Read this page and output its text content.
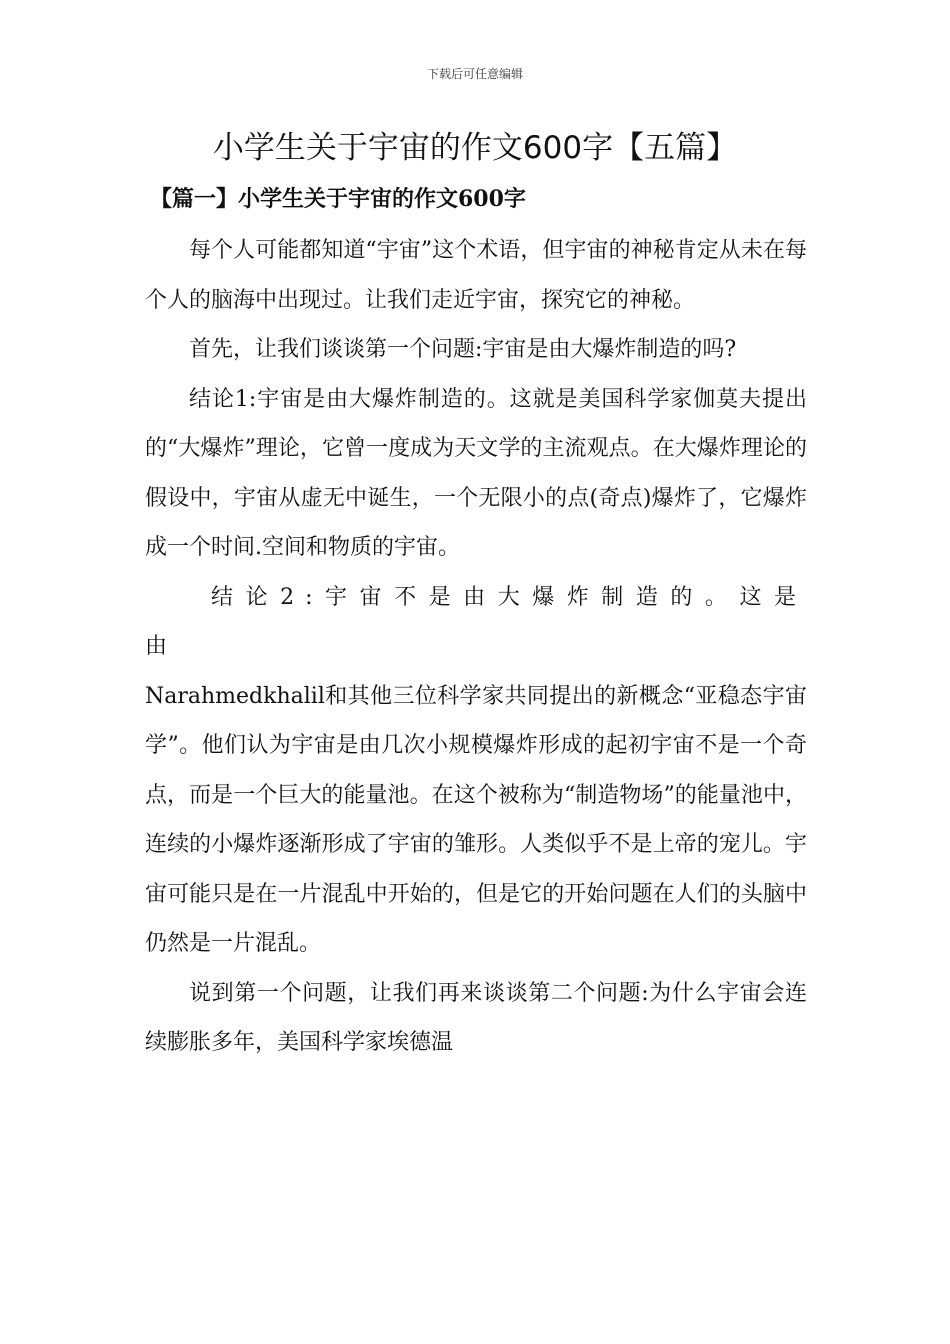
下载后可任意编辑
小学生关于宇宙的作文600字【五篇】
【篇一】小学生关于宇宙的作文600字

每个人可能都知道“宇宙”这个术语，但宇宙的神秘肯定从未在每个人的脑海中出现过。让我们走近宇宙，探究它的神秘。

首先，让我们谈谈第一个问题:宇宙是由大爆炸制造的吗?

结论1:宇宙是由大爆炸制造的。这就是美国科学家伽莫夫提出的“大爆炸”理论，它曾一度成为天文学的主流观点。在大爆炸理论的假设中，宇宙从虚无中诞生，一个无限小的点(奇点)爆炸了，它爆炸成一个时间.空间和物质的宇宙。

结论2:宇宙不是由大爆炸制造的。这是由

Narahmedkhalil和其他三位科学家共同提出的新概念“亚稳态宇宙学”。他们认为宇宙是由几次小规模爆炸形成的起初宇宙不是一个奇点，而是一个巨大的能量池。在这个被称为“制造物场”的能量池中，连续的小爆炸逐渐形成了宇宙的雏形。人类似乎不是上帝的宠儿。宇宙可能只是在一片混乱中开始的，但是它的开始问题在人们的头脑中仍然是一片混乱。

说到第一个问题，让我们再来谈谈第二个问题:为什么宇宙会连续膨胀多年，美国科学家埃德温
